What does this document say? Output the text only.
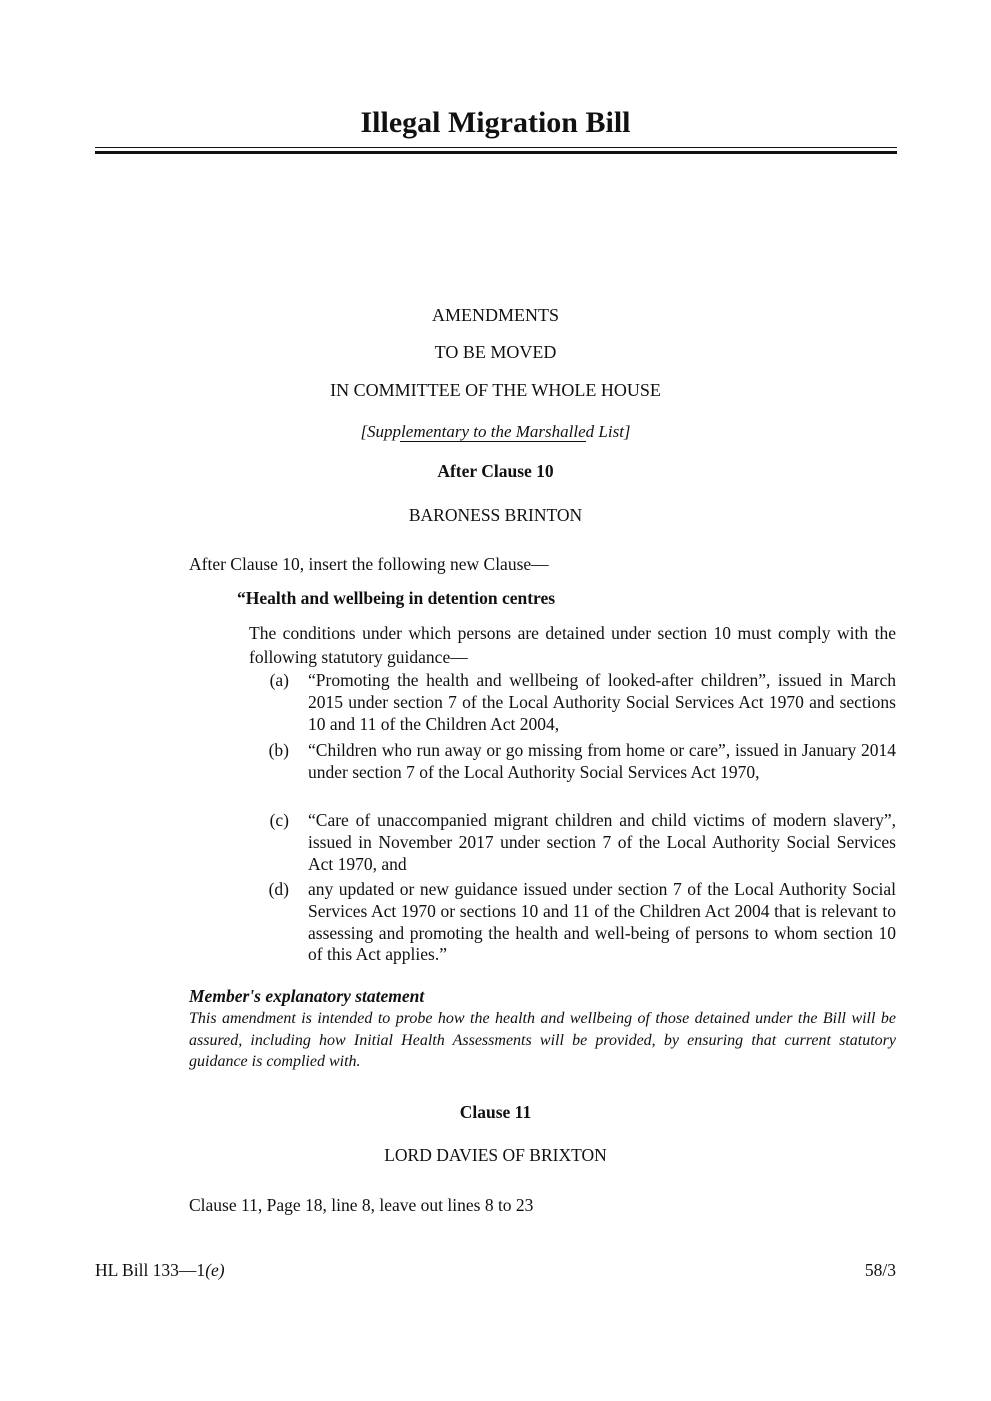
Illegal Migration Bill
AMENDMENTS
TO BE MOVED
IN COMMITTEE OF THE WHOLE HOUSE
[Supplementary to the Marshalled List]
After Clause 10
BARONESS BRINTON
After Clause 10, insert the following new Clause—
“Health and wellbeing in detention centres
The conditions under which persons are detained under section 10 must comply with the following statutory guidance—
(a) “Promoting the health and wellbeing of looked-after children”, issued in March 2015 under section 7 of the Local Authority Social Services Act 1970 and sections 10 and 11 of the Children Act 2004,
(b) “Children who run away or go missing from home or care”, issued in January 2014 under section 7 of the Local Authority Social Services Act 1970,
(c) “Care of unaccompanied migrant children and child victims of modern slavery”, issued in November 2017 under section 7 of the Local Authority Social Services Act 1970, and
(d) any updated or new guidance issued under section 7 of the Local Authority Social Services Act 1970 or sections 10 and 11 of the Children Act 2004 that is relevant to assessing and promoting the health and well-being of persons to whom section 10 of this Act applies.”
Member's explanatory statement
This amendment is intended to probe how the health and wellbeing of those detained under the Bill will be assured, including how Initial Health Assessments will be provided, by ensuring that current statutory guidance is complied with.
Clause 11
LORD DAVIES OF BRIXTON
Clause 11, Page 18, line 8, leave out lines 8 to 23
HL Bill 133—1(e)	58/3
